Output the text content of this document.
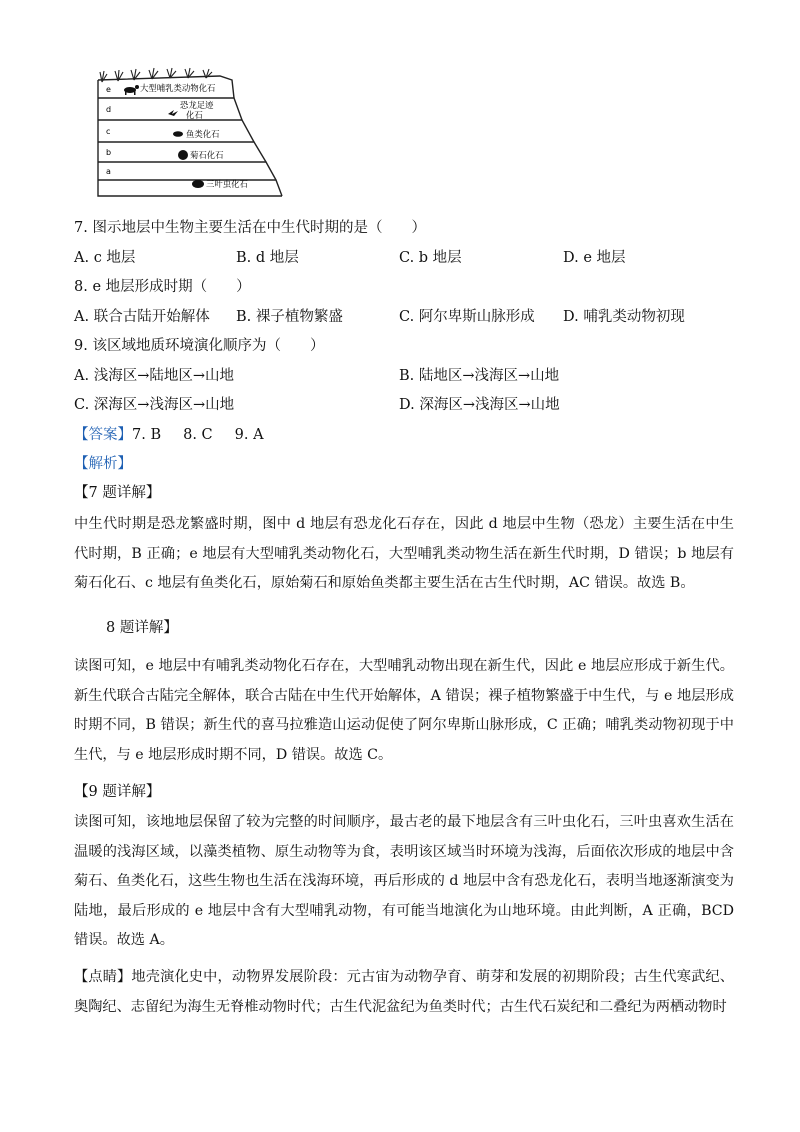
e
d
c
b
a
大型哺乳类动物化石
恐龙足迹
化石
鱼类化石
菊石化石
三叶虫化石
7. 图示地层中生物主要生活在中生代时期的是（　　）
A. c 地层	B. d 地层	C. b 地层	D. e 地层
8. e 地层形成时期（　　）
A. 联合古陆开始解体 B. 裸子植物繁盛	C. 阿尔卑斯山脉形成 D. 哺乳类动物初现
9. 该区域地质环境演化顺序为（　　）
A. 浅海区→陆地区→山地	B. 陆地区→浅海区→山地
C. 深海区→浅海区→山地	D. 深海区→浅海区→山地
【答案】7. B 8. C 9. A
【解析】
【7 题详解】

中生代时期是恐龙繁盛时期，图中 d 地层有恐龙化石存在，因此 d 地层中生物（恐龙）主要生活在中生代时期，B 正确；e 地层有大型哺乳类动物化石，大型哺乳类动物生活在新生代时期，D 错误；b 地层有菊石化石、c 地层有鱼类化石，原始菊石和原始鱼类都主要生活在古生代时期，AC 错误。故选 B。

8 题详解】

读图可知，e 地层中有哺乳类动物化石存在，大型哺乳动物出现在新生代，因此 e 地层应形成于新生代。新生代联合古陆完全解体，联合古陆在中生代开始解体，A 错误；裸子植物繁盛于中生代，与 e 地层形成时期不同，B 错误；新生代的喜马拉雅造山运动促使了阿尔卑斯山脉形成，C 正确；哺乳类动物初现于中生代，与 e 地层形成时期不同，D 错误。故选 C。

【9 题详解】

读图可知，该地地层保留了较为完整的时间顺序，最古老的最下地层含有三叶虫化石，三叶虫喜欢生活在温暖的浅海区域，以藻类植物、原生动物等为食，表明该区域当时环境为浅海，后面依次形成的地层中含菊石、鱼类化石，这些生物也生活在浅海环境，再后形成的 d 地层中含有恐龙化石，表明当地逐渐演变为陆地，最后形成的 e 地层中含有大型哺乳动物，有可能当地演化为山地环境。由此判断，A 正确，BCD 错误。故选 A。

【点睛】地壳演化史中，动物界发展阶段：元古宙为动物孕育、萌芽和发展的初期阶段；古生代寒武纪、奥陶纪、志留纪为海生无脊椎动物时代；古生代泥盆纪为鱼类时代；古生代石炭纪和二叠纪为两栖动物时
